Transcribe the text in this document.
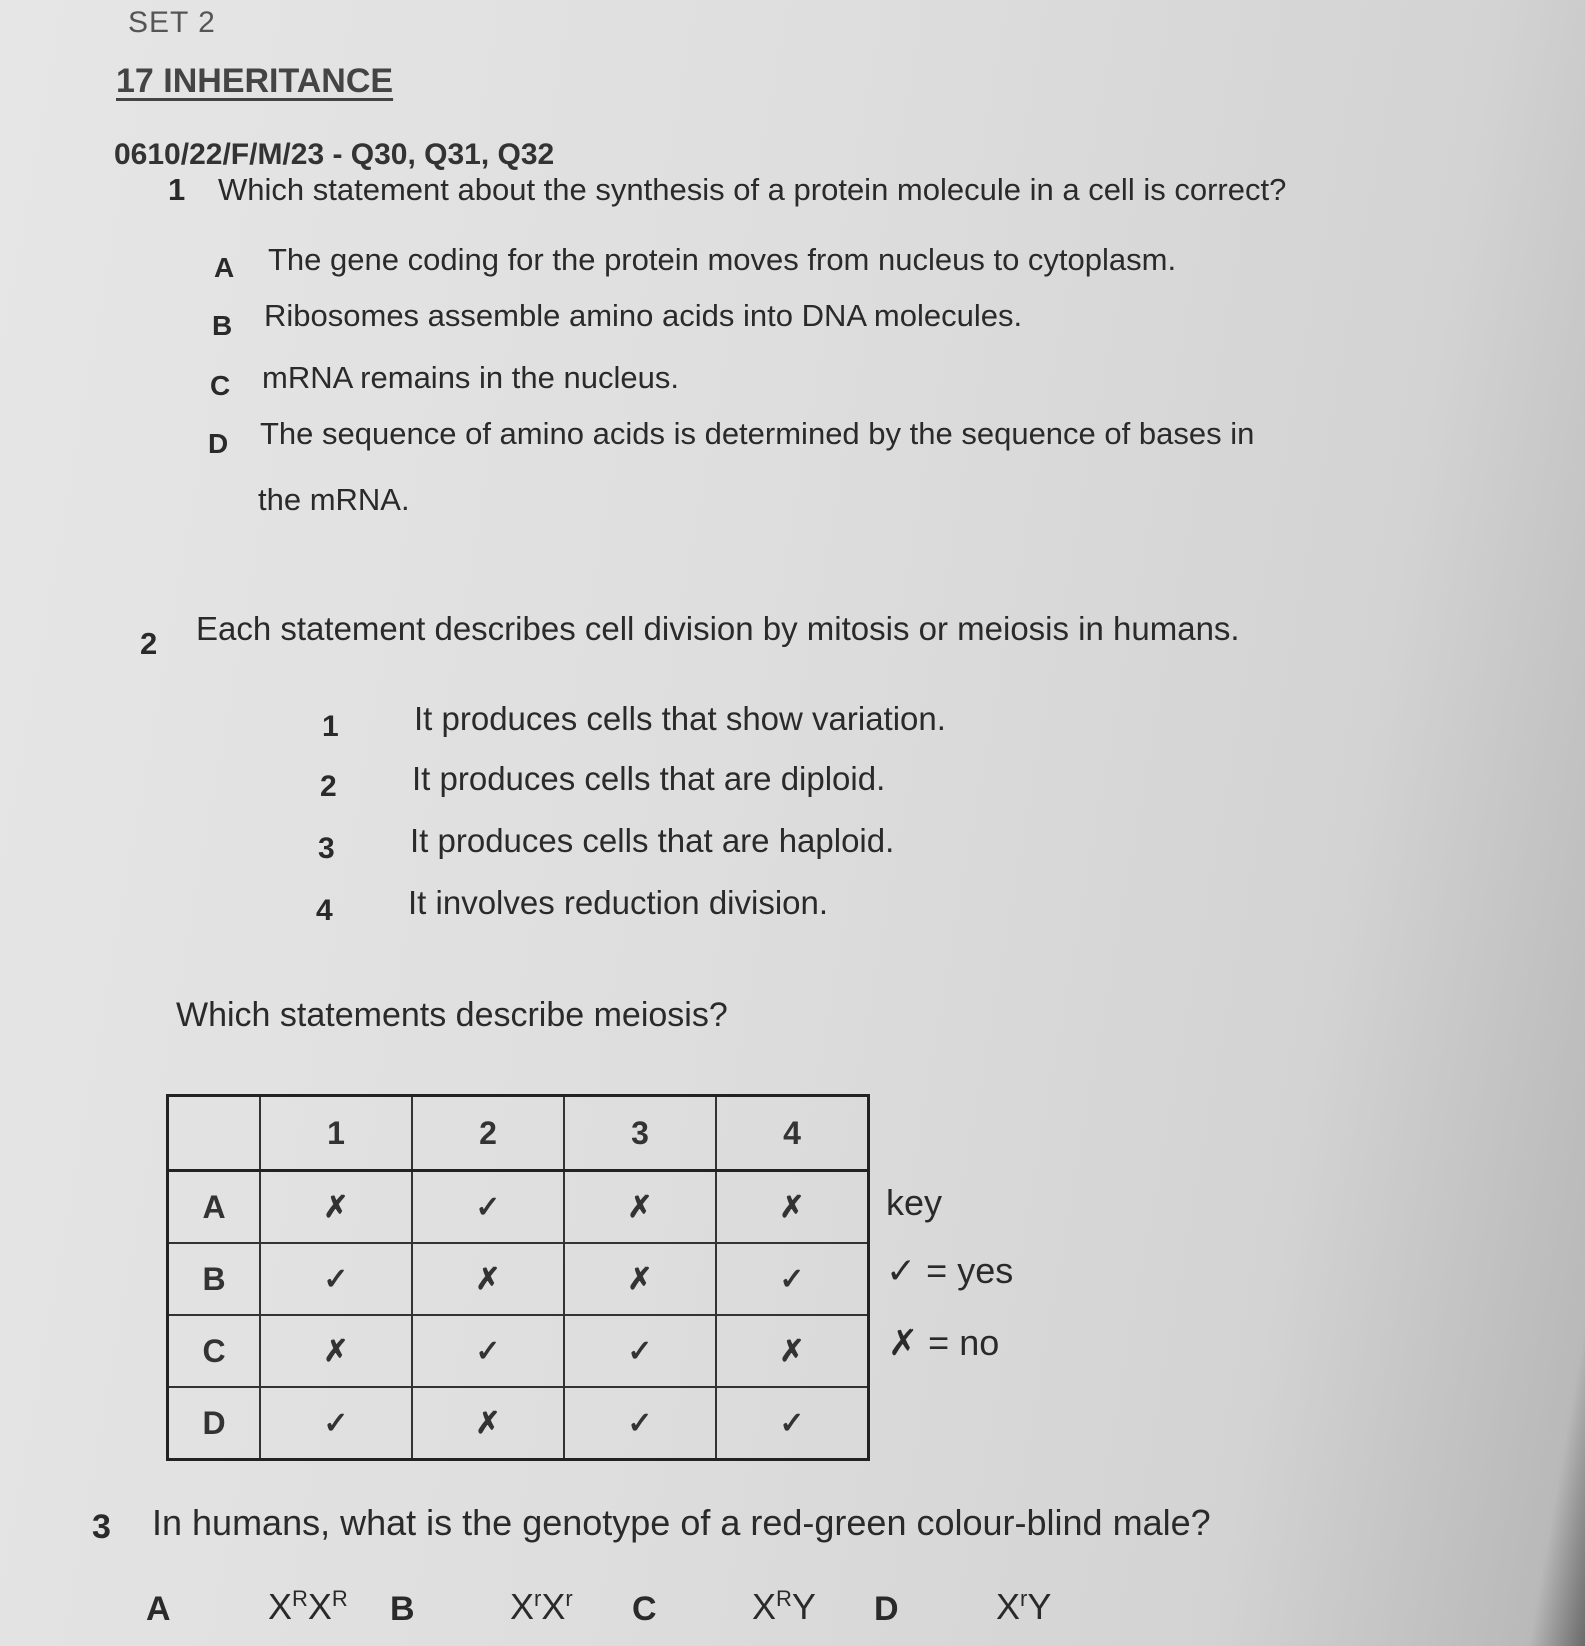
SET 2
17 INHERITANCE
0610/22/F/M/23 - Q30, Q31, Q32
1 Which statement about the synthesis of a protein molecule in a cell is correct?
A The gene coding for the protein moves from nucleus to cytoplasm.
B Ribosomes assemble amino acids into DNA molecules.
C mRNA remains in the nucleus.
D The sequence of amino acids is determined by the sequence of bases in
the mRNA.
2 Each statement describes cell division by mitosis or meiosis in humans.
1 It produces cells that show variation.
2 It produces cells that are diploid.
3 It produces cells that are haploid.
4 It involves reduction division.
Which statements describe meiosis?
	1	2	3	4
A	✗	✓	✗	✗
B	✓	✗	✗	✓
C	✗	✓	✓	✗
D	✓	✗	✓	✓
key
✓ = yes
✗ = no
3 In humans, what is the genotype of a red-green colour-blind male?
A	$X^RX^R$ B	$X^rX^r$ C	$X^RY$ D	$X^rY$
